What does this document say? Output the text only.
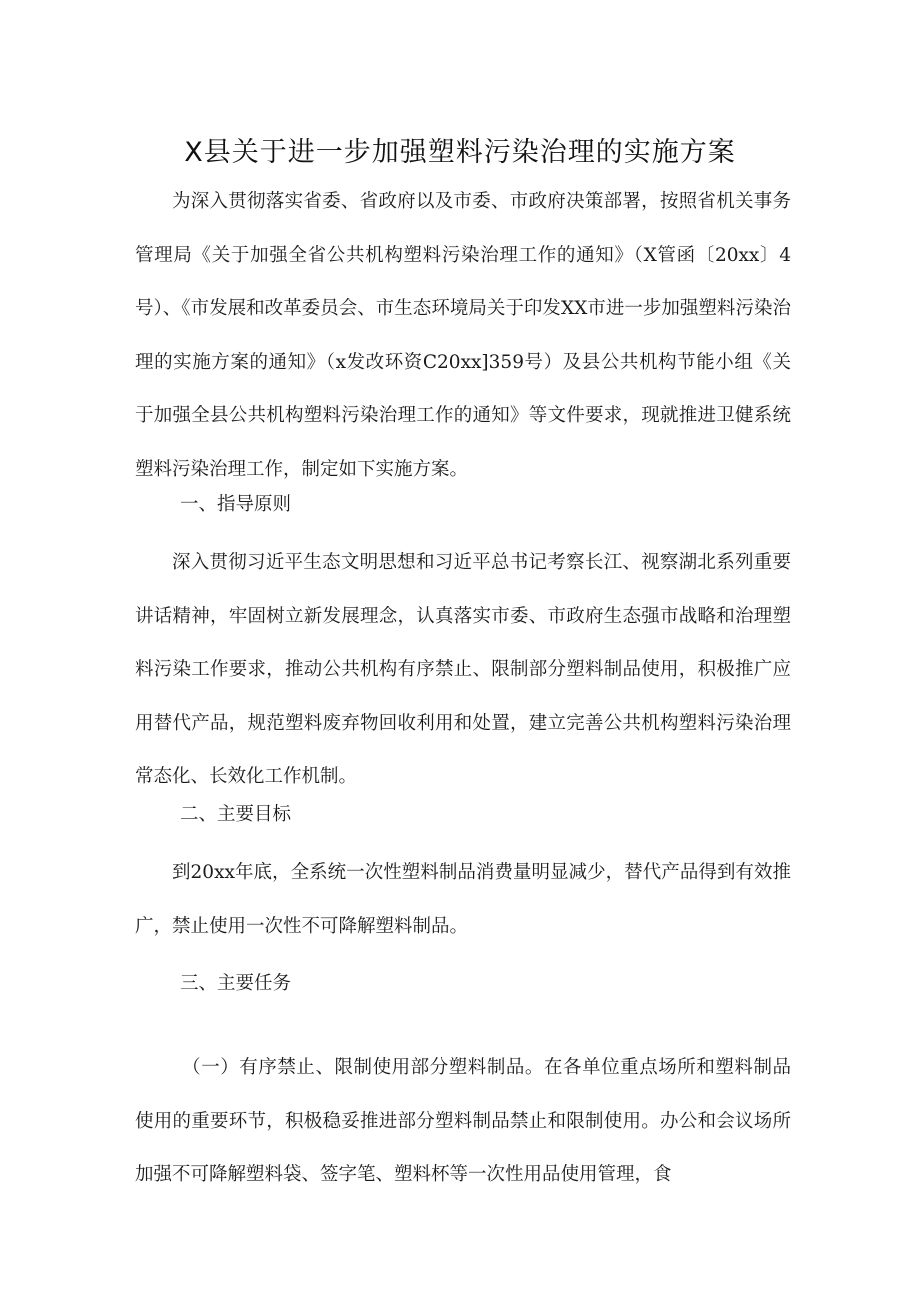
X县关于进一步加强塑料污染治理的实施方案

为深入贯彻落实省委、省政府以及市委、市政府决策部署，按照省机关事务管理局《关于加强全省公共机构塑料污染治理工作的通知》（X管函〔20xx〕4号）、《市发展和改革委员会、市生态环境局关于印发XX市进一步加强塑料污染治理的实施方案的通知》（x发改环资C20xx]359号）及县公共机构节能小组《关于加强全县公共机构塑料污染治理工作的通知》等文件要求，现就推进卫健系统塑料污染治理工作，制定如下实施方案。

一、指导原则

深入贯彻习近平生态文明思想和习近平总书记考察长江、视察湖北系列重要讲话精神，牢固树立新发展理念，认真落实市委、市政府生态强市战略和治理塑料污染工作要求，推动公共机构有序禁止、限制部分塑料制品使用，积极推广应用替代产品，规范塑料废弃物回收利用和处置，建立完善公共机构塑料污染治理常态化、长效化工作机制。

二、主要目标

到20xx年底，全系统一次性塑料制品消费量明显减少，替代产品得到有效推广，禁止使用一次性不可降解塑料制品。

三、主要任务

（一）有序禁止、限制使用部分塑料制品。在各单位重点场所和塑料制品使用的重要环节，积极稳妥推进部分塑料制品禁止和限制使用。办公和会议场所加强不可降解塑料袋、签字笔、塑料杯等一次性用品使用管理，食
